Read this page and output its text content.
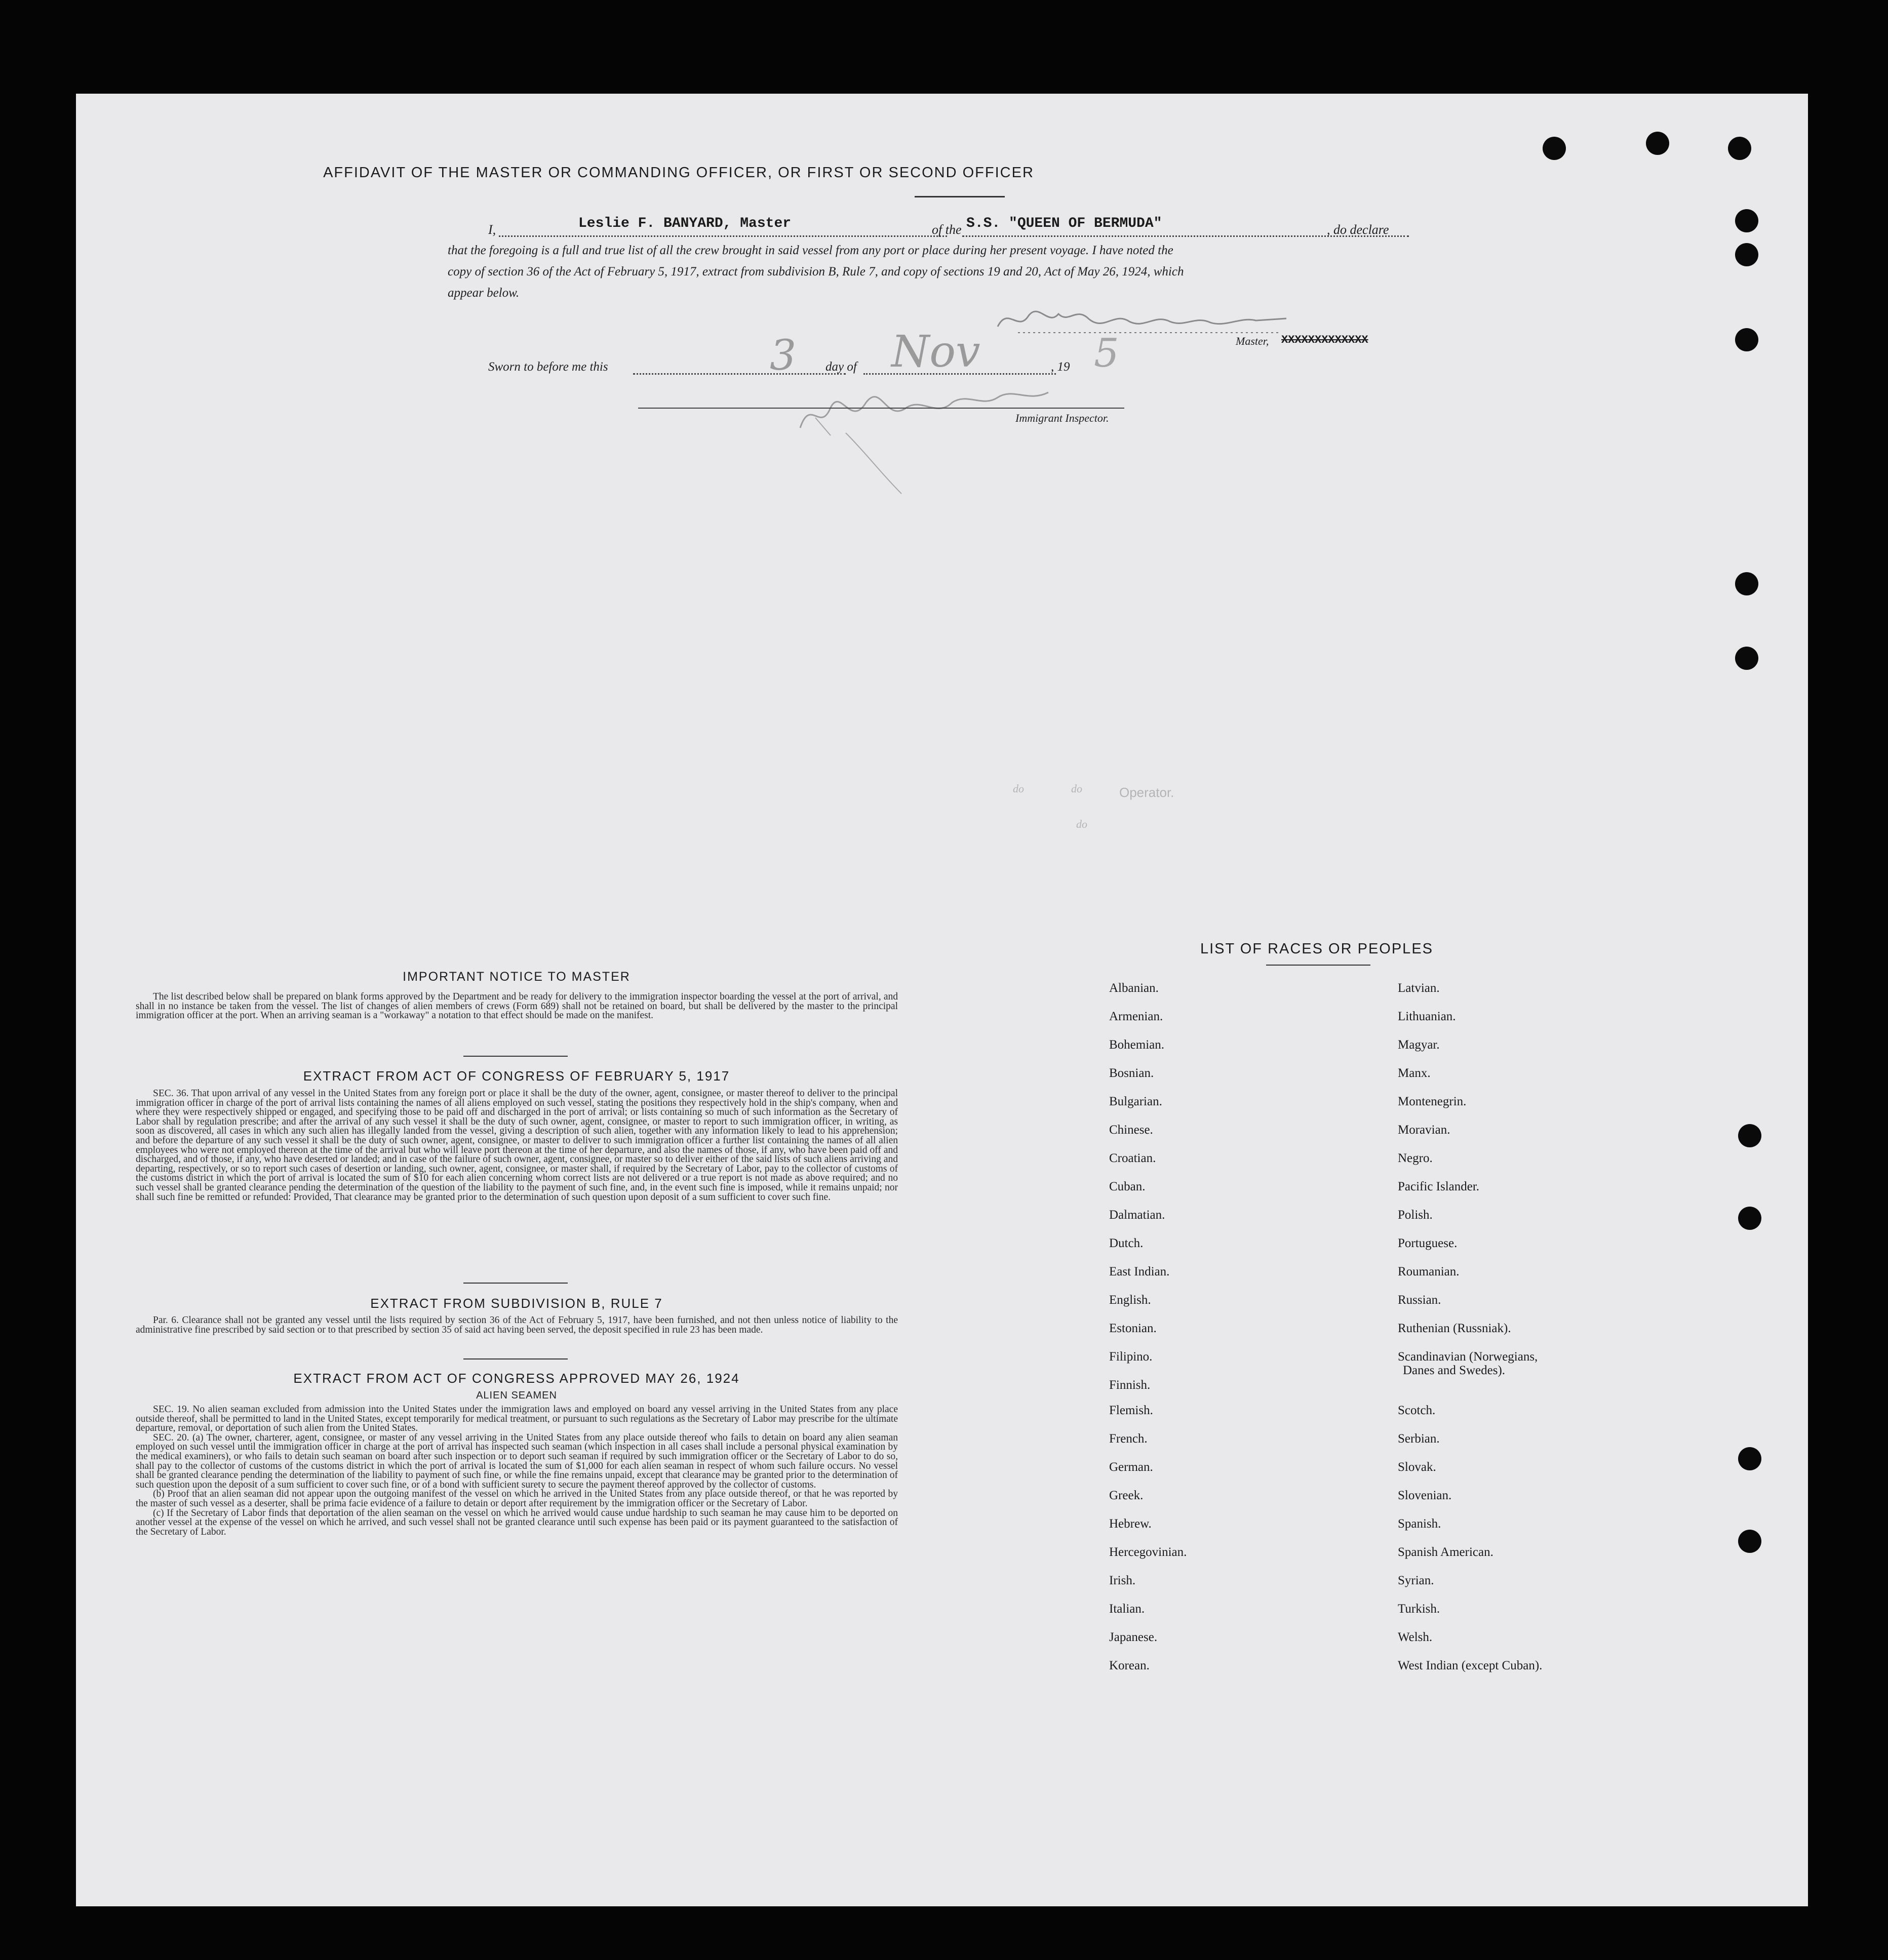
AFFIDAVIT OF THE MASTER OR COMMANDING OFFICER, OR FIRST OR SECOND OFFICER
I,	Leslie F. BANYARD, Master	of the S.S. "QUEEN OF BERMUDA"	, do declare
that the foregoing is a full and true list of all the crew brought in said vessel from any port or place during her present voyage. I have noted the
copy of section 36 of the Act of February 5, 1917, extract from subdivision B, Rule 7, and copy of sections 19 and 20, Act of May 26, 1924, which
appear below.
Master, XXXXXXXXXXXXX
Sworn to before me this	3 day of Nov	, 19 5
Immigrant Inspector.
Operator.
do
do
do
IMPORTANT NOTICE TO MASTER

The list described below shall be prepared on blank forms approved by the Department and be ready for delivery to the immigration inspector boarding the vessel at the port of arrival, and shall in no instance be taken from the vessel. The list of changes of alien members of crews (Form 689) shall not be retained on board, but shall be delivered by the master to the principal immigration officer at the port. When an arriving seaman is a "workaway" a notation to that effect should be made on the manifest.

EXTRACT FROM ACT OF CONGRESS OF FEBRUARY 5, 1917

SEC. 36. That upon arrival of any vessel in the United States from any foreign port or place it shall be the duty of the owner, agent, consignee, or master thereof to deliver to the principal immigration officer in charge of the port of arrival lists containing the names of all aliens employed on such vessel, stating the positions they respectively hold in the ship's company, when and where they were respectively shipped or engaged, and specifying those to be paid off and discharged in the port of arrival; or lists containing so much of such information as the Secretary of Labor shall by regulation prescribe; and after the arrival of any such vessel it shall be the duty of such owner, agent, consignee, or master to report to such immigration officer, in writing, as soon as discovered, all cases in which any such alien has illegally landed from the vessel, giving a description of such alien, together with any information likely to lead to his apprehension; and before the departure of any such vessel it shall be the duty of such owner, agent, consignee, or master to deliver to such immigration officer a further list containing the names of all alien employees who were not employed thereon at the time of the arrival but who will leave port thereon at the time of her departure, and also the names of those, if any, who have been paid off and discharged, and of those, if any, who have deserted or landed; and in case of the failure of such owner, agent, consignee, or master so to deliver either of the said lists of such aliens arriving and departing, respectively, or so to report such cases of desertion or landing, such owner, agent, consignee, or master shall, if required by the Secretary of Labor, pay to the collector of customs of the customs district in which the port of arrival is located the sum of $10 for each alien concerning whom correct lists are not delivered or a true report is not made as above required; and no such vessel shall be granted clearance pending the determination of the question of the liability to the payment of such fine, and, in the event such fine is imposed, while it remains unpaid; nor shall such fine be remitted or refunded: Provided, That clearance may be granted prior to the determination of such question upon deposit of a sum sufficient to cover such fine.

EXTRACT FROM SUBDIVISION B, RULE 7

Par. 6. Clearance shall not be granted any vessel until the lists required by section 36 of the Act of February 5, 1917, have been furnished, and not then unless notice of liability to the administrative fine prescribed by said section or to that prescribed by section 35 of said act having been served, the deposit specified in rule 23 has been made.

EXTRACT FROM ACT OF CONGRESS APPROVED MAY 26, 1924
ALIEN SEAMEN

SEC. 19. No alien seaman excluded from admission into the United States under the immigration laws and employed on board any vessel arriving in the United States from any place outside thereof, shall be permitted to land in the United States, except temporarily for medical treatment, or pursuant to such regulations as the Secretary of Labor may prescribe for the ultimate departure, removal, or deportation of such alien from the United States.

SEC. 20. (a) The owner, charterer, agent, consignee, or master of any vessel arriving in the United States from any place outside thereof who fails to detain on board any alien seaman employed on such vessel until the immigration officer in charge at the port of arrival has inspected such seaman (which inspection in all cases shall include a personal physical examination by the medical examiners), or who fails to detain such seaman on board after such inspection or to deport such seaman if required by such immigration officer or the Secretary of Labor to do so, shall pay to the collector of customs of the customs district in which the port of arrival is located the sum of $1,000 for each alien seaman in respect of whom such failure occurs. No vessel shall be granted clearance pending the determination of the liability to payment of such fine, or while the fine remains unpaid, except that clearance may be granted prior to the determination of such question upon the deposit of a sum sufficient to cover such fine, or of a bond with sufficient surety to secure the payment thereof approved by the collector of customs.

(b) Proof that an alien seaman did not appear upon the outgoing manifest of the vessel on which he arrived in the United States from any place outside thereof, or that he was reported by the master of such vessel as a deserter, shall be prima facie evidence of a failure to detain or deport after requirement by the immigration officer or the Secretary of Labor.

(c) If the Secretary of Labor finds that deportation of the alien seaman on the vessel on which he arrived would cause undue hardship to such seaman he may cause him to be deported on another vessel at the expense of the vessel on which he arrived, and such vessel shall not be granted clearance until such expense has been paid or its payment guaranteed to the satisfaction of the Secretary of Labor.

LIST OF RACES OR PEOPLES
Albanian.
Armenian.
Bohemian.
Bosnian.
Bulgarian.
Chinese.
Croatian.
Cuban.
Dalmatian.
Dutch.
East Indian.
English.
Estonian.
Filipino.
Finnish.
Flemish.
French.
German.
Greek.
Hebrew.
Hercegovinian.
Irish.
Italian.
Japanese.
Korean.
Latvian.
Lithuanian.
Magyar.
Manx.
Montenegrin.
Moravian.
Negro.
Pacific Islander.
Polish.
Portuguese.
Roumanian.
Russian.
Ruthenian (Russniak).
Scandinavian (Norwegians,
Danes and Swedes).
Scotch.
Serbian.
Slovak.
Slovenian.
Spanish.
Spanish American.
Syrian.
Turkish.
Welsh.
West Indian (except Cuban).
